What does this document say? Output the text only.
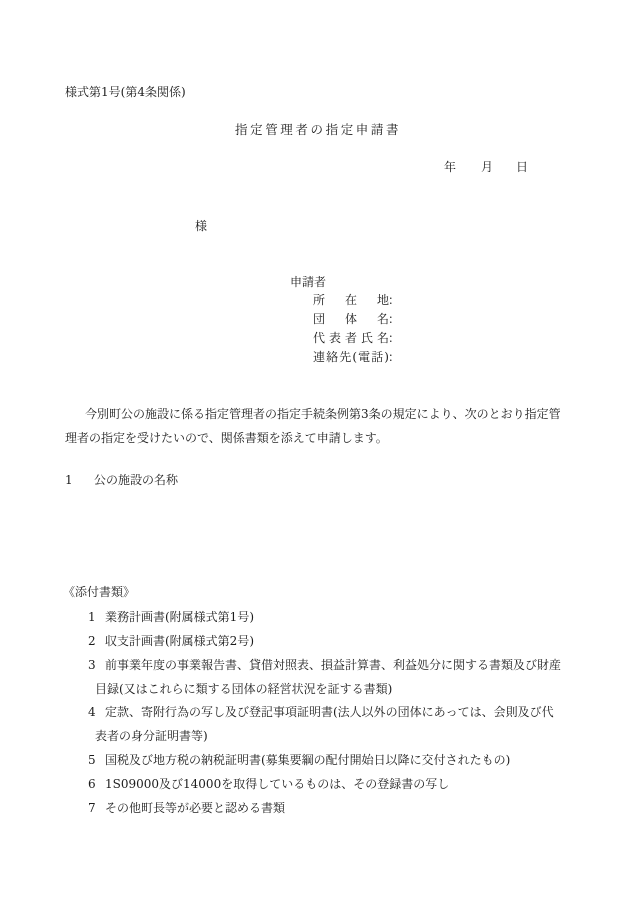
様式第1号(第4条関係)
指定管理者の指定申請書
年 月 日
様
申請者
所在地 ：
団体名 ：
代表者氏名 ：
連絡先(電話) ：
今別町公の施設に係る指定管理者の指定手続条例第3条の規定により、次のとおり指定管
理者の指定を受けたいので、関係書類を添えて申請します。
1 公の施設の名称
《添付書類》
1 業務計画書(附属様式第1号)
2 収支計画書(附属様式第2号)
3 前事業年度の事業報告書、貸借対照表、損益計算書、利益処分に関する書類及び財産
目録(又はこれらに類する団体の経営状況を証する書類)
4 定款、寄附行為の写し及び登記事項証明書(法人以外の団体にあっては、会則及び代
表者の身分証明書等)
5 国税及び地方税の納税証明書(募集要綱の配付開始日以降に交付されたもの)
6 1S09000及び14000を取得しているものは、その登録書の写し
7 その他町長等が必要と認める書類
